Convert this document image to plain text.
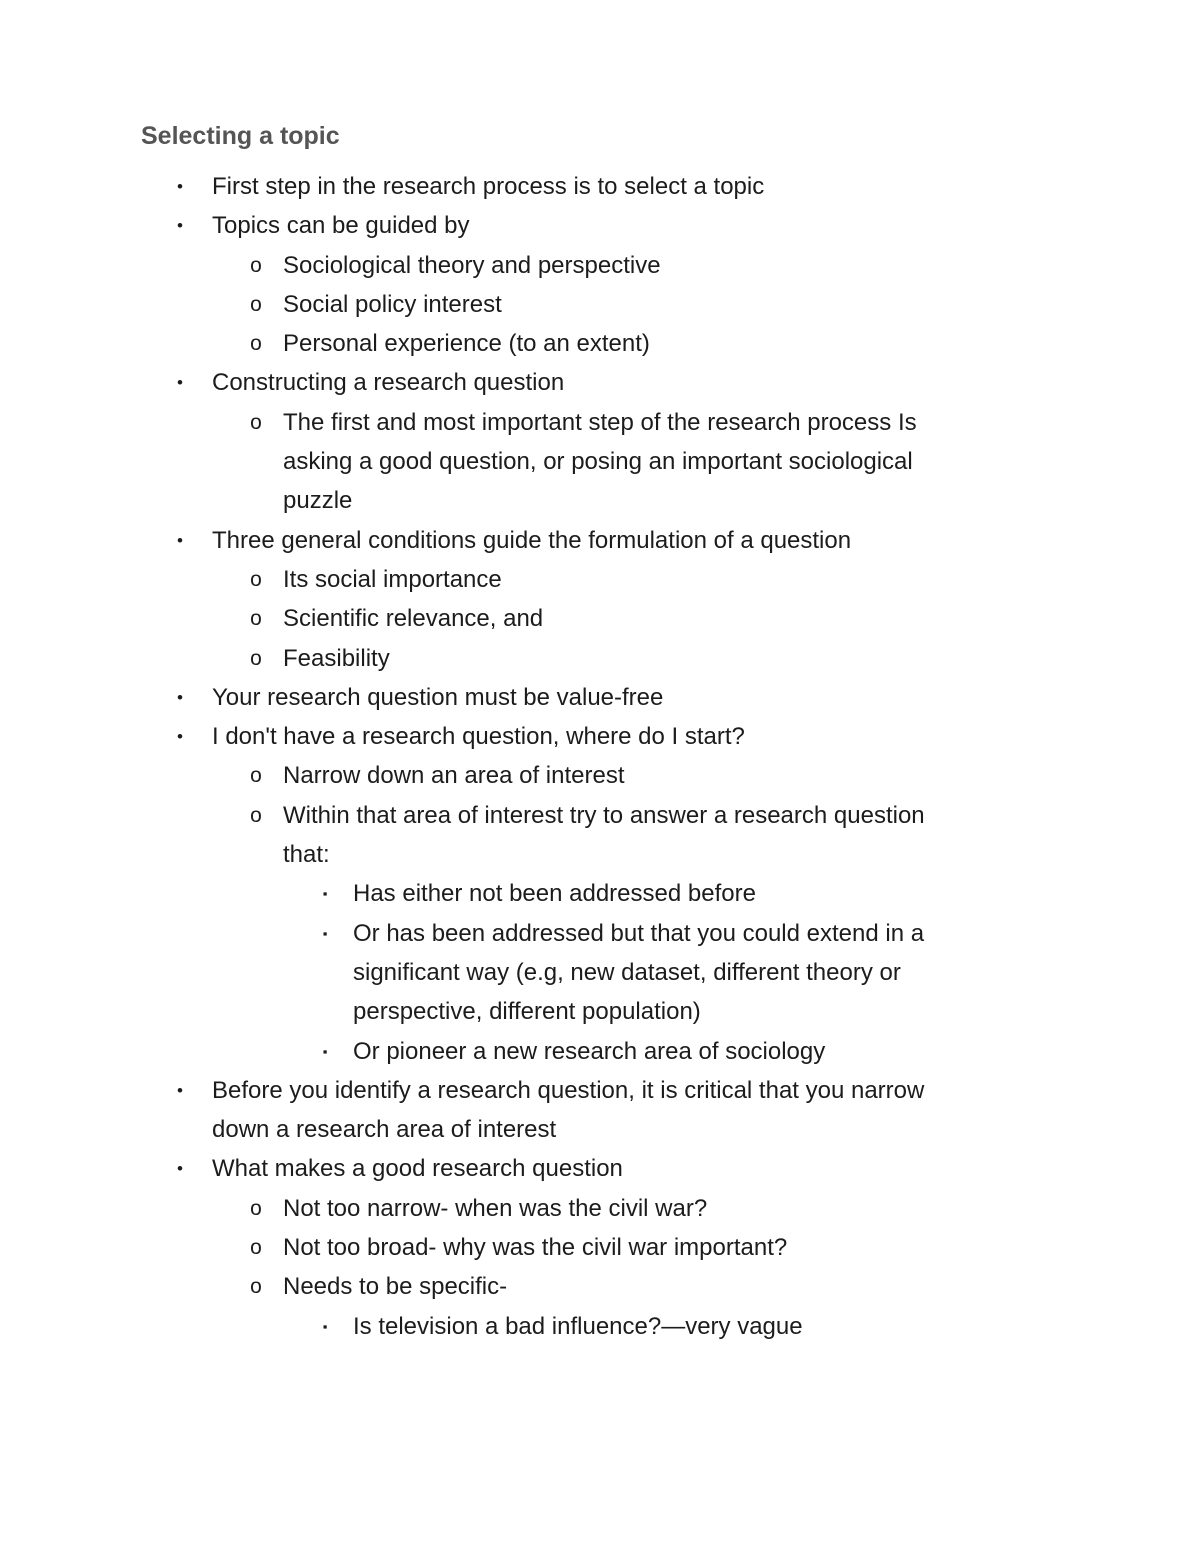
Selecting a topic
• First step in the research process is to select a topic
• Topics can be guided by
o Sociological theory and perspective
o Social policy interest
o Personal experience (to an extent)
• Constructing a research question
o The first and most important step of the research process Is
asking a good question, or posing an important sociological
puzzle
• Three general conditions guide the formulation of a question
o Its social importance
o Scientific relevance, and
o Feasibility
• Your research question must be value-free
• I don't have a research question, where do I start?
o Narrow down an area of interest
o Within that area of interest try to answer a research question
that:
▪ Has either not been addressed before
▪ Or has been addressed but that you could extend in a
significant way (e.g, new dataset, different theory or
perspective, different population)
▪ Or pioneer a new research area of sociology
• Before you identify a research question, it is critical that you narrow
down a research area of interest
• What makes a good research question
o Not too narrow- when was the civil war?
o Not too broad- why was the civil war important?
o Needs to be specific-
▪ Is television a bad influence?—very vague
